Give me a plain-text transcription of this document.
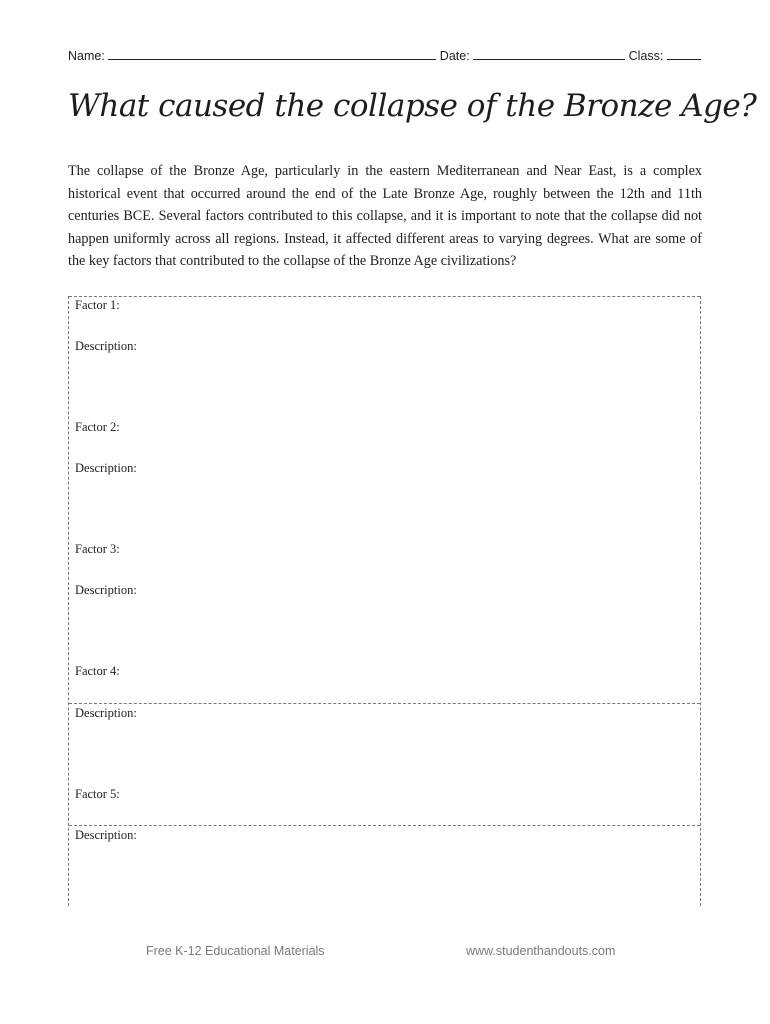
Name:	Date:	Class:
What caused the collapse of the Bronze Age?

The collapse of the Bronze Age, particularly in the eastern Mediterranean and Near East, is a complex historical event that occurred around the end of the Late Bronze Age, roughly between the 12th and 11th centuries BCE. Several factors contributed to this collapse, and it is important to note that the collapse did not happen uniformly across all regions. Instead, it affected different areas to varying degrees. What are some of the key factors that contributed to the collapse of the Bronze Age civilizations?

Factor 1:
Description:
Factor 2:
Description:
Factor 3:
Description:
Factor 4:
Description:
Factor 5:
Description:
Free K-12 Educational Materials	www.studenthandouts.com
